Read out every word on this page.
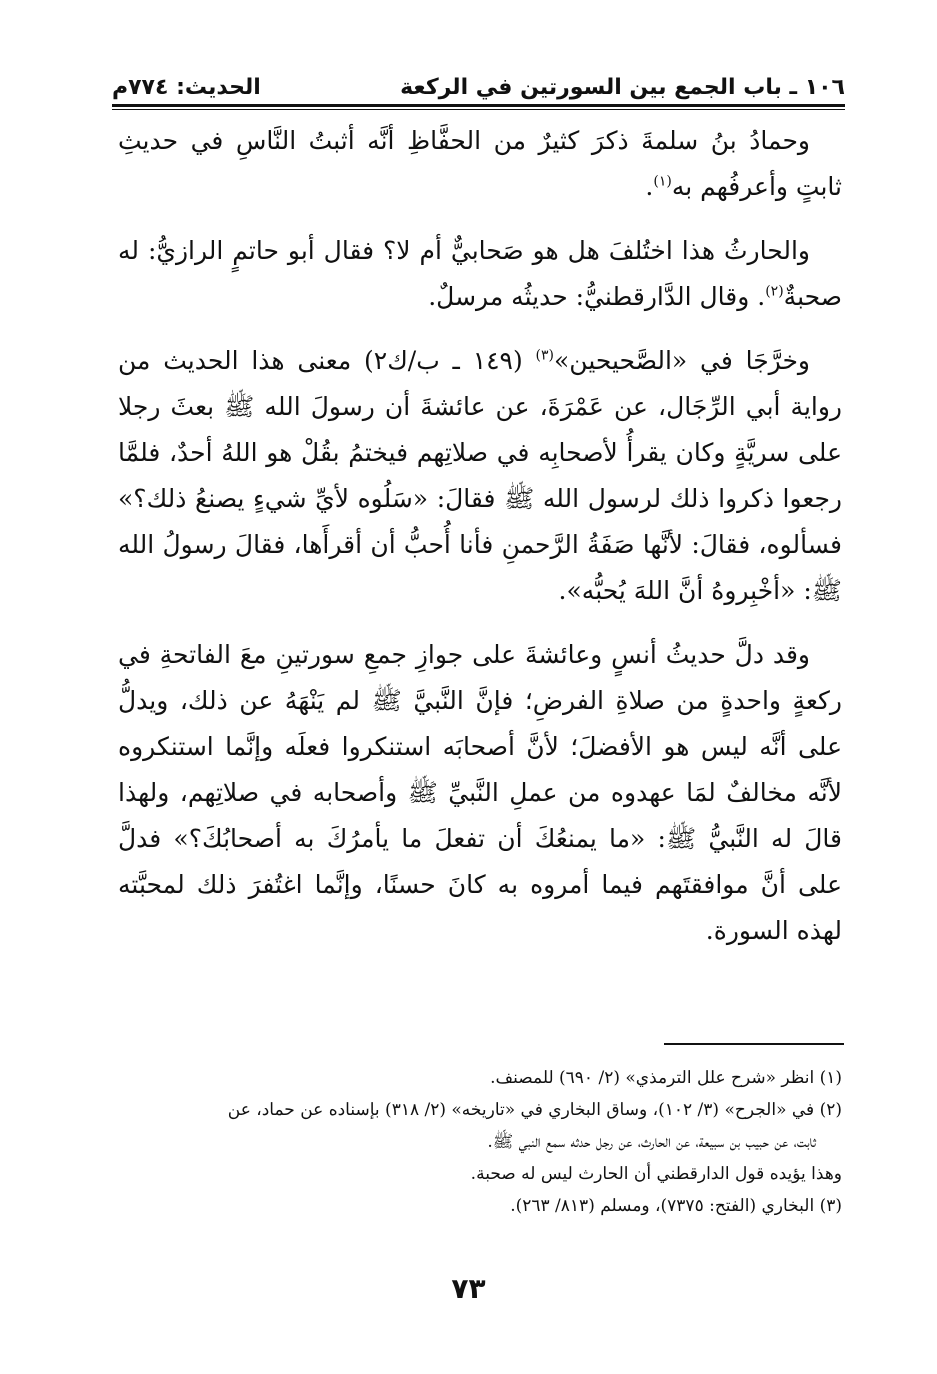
١٠٦ ـ باب الجمع بين السورتين في الركعة
الحديث: ٧٧٤م

وحمادُ بنُ سلمةَ ذكرَ كثيرٌ من الحفَّاظِ أنَّه أثبتُ النَّاسِ في حديثِ ثابتٍ وأعرفُهم به$^{(١)}$.

والحارثُ هذا اختُلفَ هل هو صَحابيٌّ أم لا؟ فقال أبو حاتمٍ الرازيُّ: له صحبةٌ$^{(٢)}$. وقال الدَّارقطنيُّ: حديثُه مرسلٌ.

وخرَّجَا في «الصَّحيحين»$^{(٣)}$ (١٤٩ ـ ب/ك٢) معنى هذا الحديث من رواية أبي الرِّجَال، عن عَمْرَةَ، عن عائشةَ أن رسولَ الله ﷺ بعثَ رجلا على سريَّةٍ وكان يقرأُ لأصحابِه في صلاتِهم فيختمُ بقُلْ هو اللهُ أحدٌ، فلمَّا رجعوا ذكروا ذلك لرسول الله ﷺ فقالَ: «سَلُوه لأيِّ شيءٍ يصنعُ ذلك؟» فسألوه، فقالَ: لأنَّها صَفَةُ الرَّحمنِ فأنا أُحبُّ أن أقرأَها، فقالَ رسولُ الله ﷺ: «أخْبِروهُ أنَّ اللهَ يُحبُّه».

وقد دلَّ حديثُ أنسٍ وعائشةَ على جوازِ جمعِ سورتينِ معَ الفاتحةِ في ركعةٍ واحدةٍ من صلاةِ الفرضِ؛ فإنَّ النَّبيَّ ﷺ لم يَنْهَهُ عن ذلك، ويدلُّ على أنَّه ليس هو الأفضلَ؛ لأنَّ أصحابَه استنكروا فعلَه وإنَّما استنكروه لأنَّه مخالفٌ لمَا عهدوه من عملِ النَّبيِّ ﷺ وأصحابه في صلاتِهم، ولهذا قالَ له النَّبيُّ ﷺ: «ما يمنعُكَ أن تفعلَ ما يأمرُكَ به أصحابُكَ؟» فدلَّ على أنَّ موافقتَهم فيما أمروه به كانَ حسنًا، وإنَّما اغتُفرَ ذلك لمحبَّته لهذه السورة.

(١) انظر «شرح علل الترمذي» (٢/ ٦٩٠) للمصنف.

(٢) في «الجرح» (٣/ ١٠٢)، وساق البخاري في «تاريخه» (٢/ ٣١٨) بإسناده عن حماد، عن

ثابت، عن حبيب بن سبيعة، عن الحارث، عن رجل حدثه سمع النبي ﷺ.

وهذا يؤيده قول الدارقطني أن الحارث ليس له صحبة.

(٣) البخاري (الفتح: ٧٣٧٥)، ومسلم (٨١٣/ ٢٦٣).

٧٣
